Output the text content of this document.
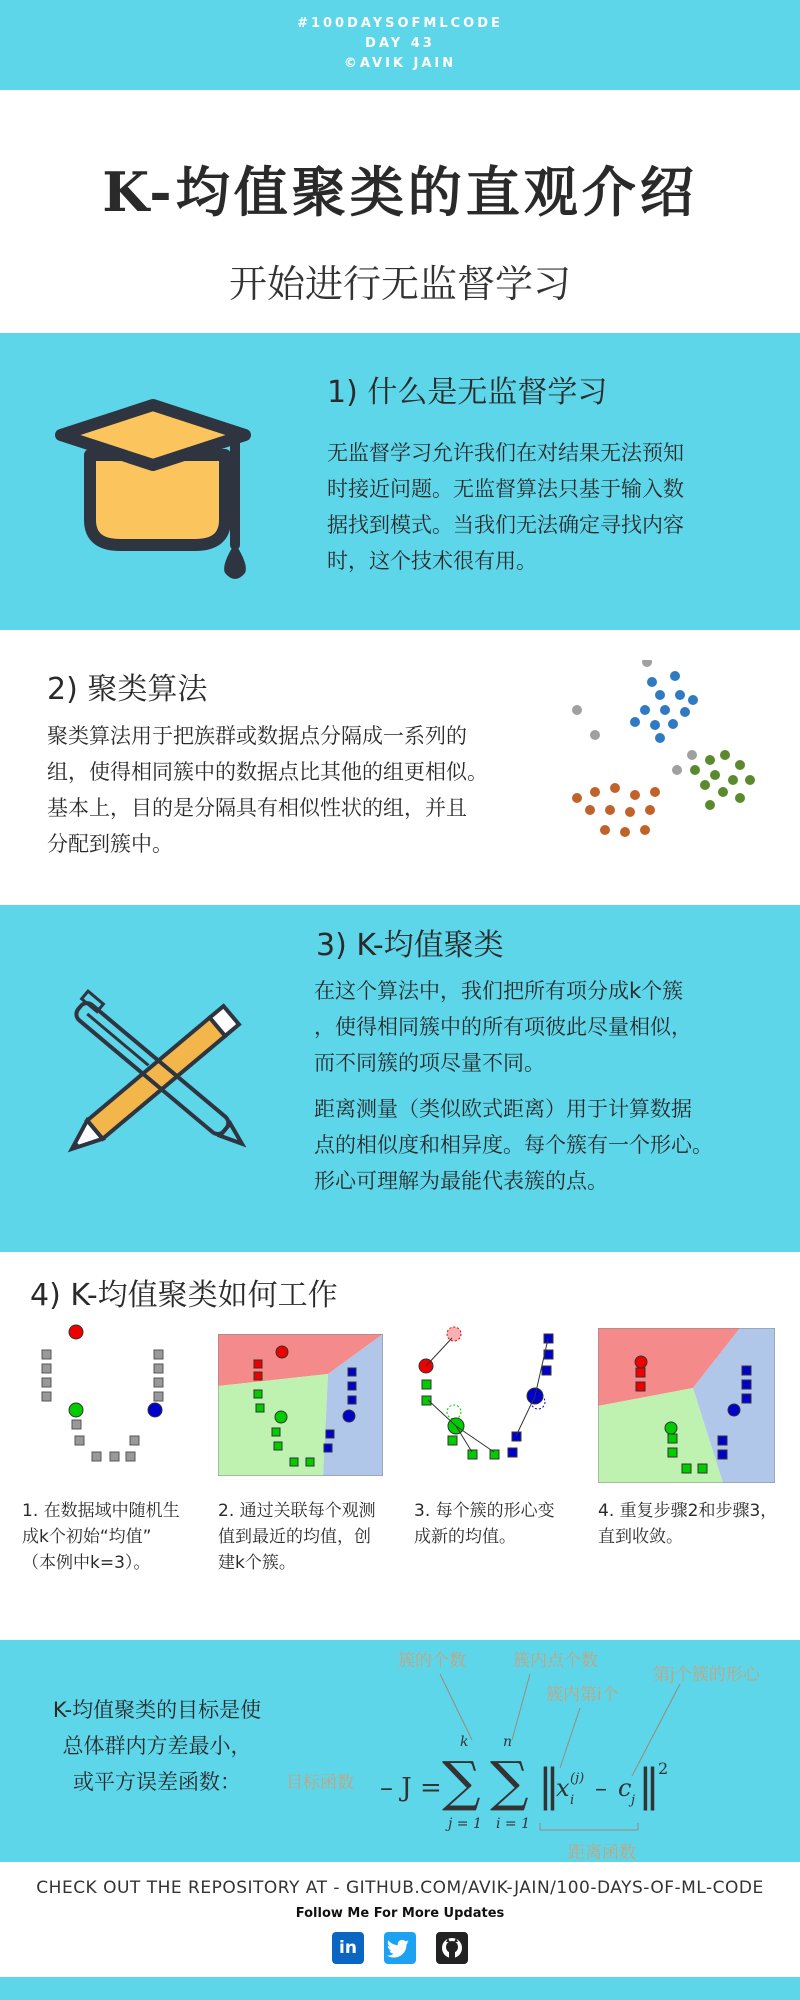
#100DAYSOFMLCODE
DAY 43
©AVIK JAIN
K-均值聚类的直观介绍
开始进行无监督学习
1) 什么是无监督学习
无监督学习允许我们在对结果无法预知
时接近问题。无监督算法只基于输入数
据找到模式。当我们无法确定寻找内容
时，这个技术很有用。
2) 聚类算法
聚类算法用于把族群或数据点分隔成一系列的
组，使得相同簇中的数据点比其他的组更相似。
基本上，目的是分隔具有相似性状的组，并且
分配到簇中。
3) K-均值聚类
在这个算法中，我们把所有项分成k个簇
，使得相同簇中的所有项彼此尽量相似，
而不同簇的项尽量不同。
距离测量（类似欧式距离）用于计算数据
点的相似度和相异度。每个簇有一个形心。
形心可理解为最能代表簇的点。
4) K-均值聚类如何工作
1. 在数据域中随机生
成k个初始“均值”
（本例中k=3）。
2. 通过关联每个观测
值到最近的均值，创
建k个簇。
3. 每个簇的形心变
成新的均值。
4. 重复步骤2和步骤3，
直到收敛。
K-均值聚类的目标是使
总体群内方差最小，
或平方误差函数：
簇的个数	簇内点个数
簇内第i个
第j个簇的形心
目标函数
距离函数
– J =
k
∑
j = 1
n
∑
i = 1
‖
x (j)
i – c j ‖
2
CHECK OUT THE REPOSITORY AT - GITHUB.COM/AVIK-JAIN/100-DAYS-OF-ML-CODE
Follow Me For More Updates
in
